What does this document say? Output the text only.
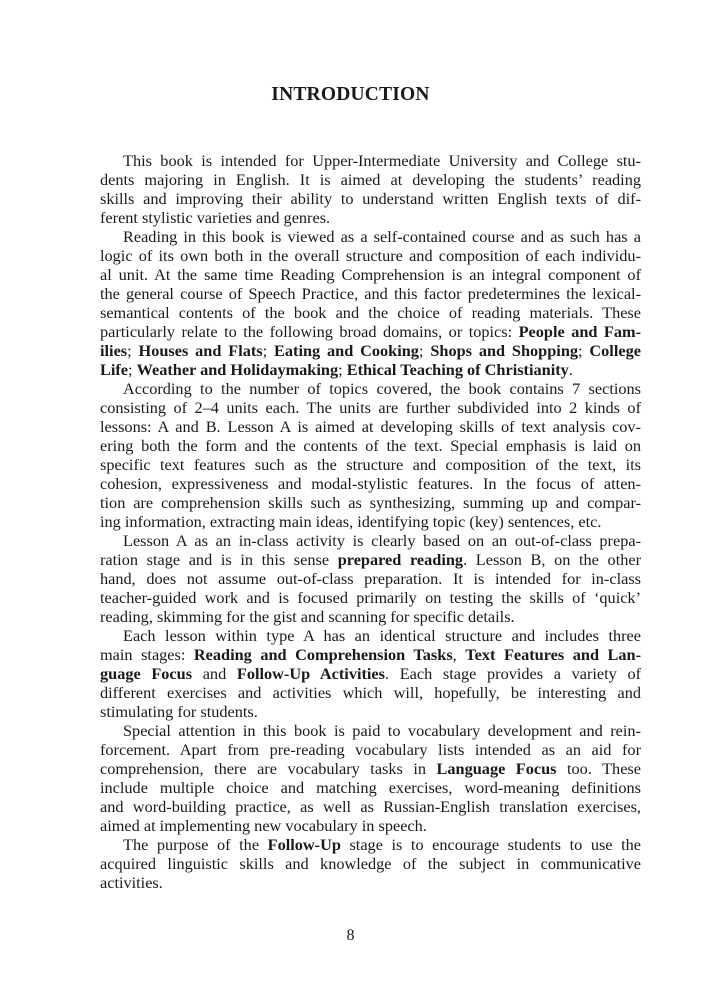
INTRODUCTION
This book is intended for Upper-Intermediate University and College stu-
dents majoring in English. It is aimed at developing the students’ reading
skills and improving their ability to understand written English texts of dif-
ferent stylistic varieties and genres.
Reading in this book is viewed as a self-contained course and as such has a
logic of its own both in the overall structure and composition of each individu-
al unit. At the same time Reading Comprehension is an integral component of
the general course of Speech Practice, and this factor predetermines the lexical-
semantical contents of the book and the choice of reading materials. These
particularly relate to the following broad domains, or topics: People and Fam-
ilies; Houses and Flats; Eating and Cooking; Shops and Shopping; College
Life; Weather and Holidaymaking; Ethical Teaching of Christianity.
According to the number of topics covered, the book contains 7 sections
consisting of 2–4 units each. The units are further subdivided into 2 kinds of
lessons: A and B. Lesson A is aimed at developing skills of text analysis cov-
ering both the form and the contents of the text. Special emphasis is laid on
specific text features such as the structure and composition of the text, its
cohesion, expressiveness and modal-stylistic features. In the focus of atten-
tion are comprehension skills such as synthesizing, summing up and compar-
ing information, extracting main ideas, identifying topic (key) sentences, etc.
Lesson A as an in-class activity is clearly based on an out-of-class prepa-
ration stage and is in this sense prepared reading. Lesson B, on the other
hand, does not assume out-of-class preparation. It is intended for in-class
teacher-guided work and is focused primarily on testing the skills of ‘quick’
reading, skimming for the gist and scanning for specific details.
Each lesson within type A has an identical structure and includes three
main stages: Reading and Comprehension Tasks, Text Features and Lan-
guage Focus and Follow-Up Activities. Each stage provides a variety of
different exercises and activities which will, hopefully, be interesting and
stimulating for students.
Special attention in this book is paid to vocabulary development and rein-
forcement. Apart from pre-reading vocabulary lists intended as an aid for
comprehension, there are vocabulary tasks in Language Focus too. These
include multiple choice and matching exercises, word-meaning definitions
and word-building practice, as well as Russian-English translation exercises,
aimed at implementing new vocabulary in speech.
The purpose of the Follow-Up stage is to encourage students to use the
acquired linguistic skills and knowledge of the subject in communicative
activities.
8
